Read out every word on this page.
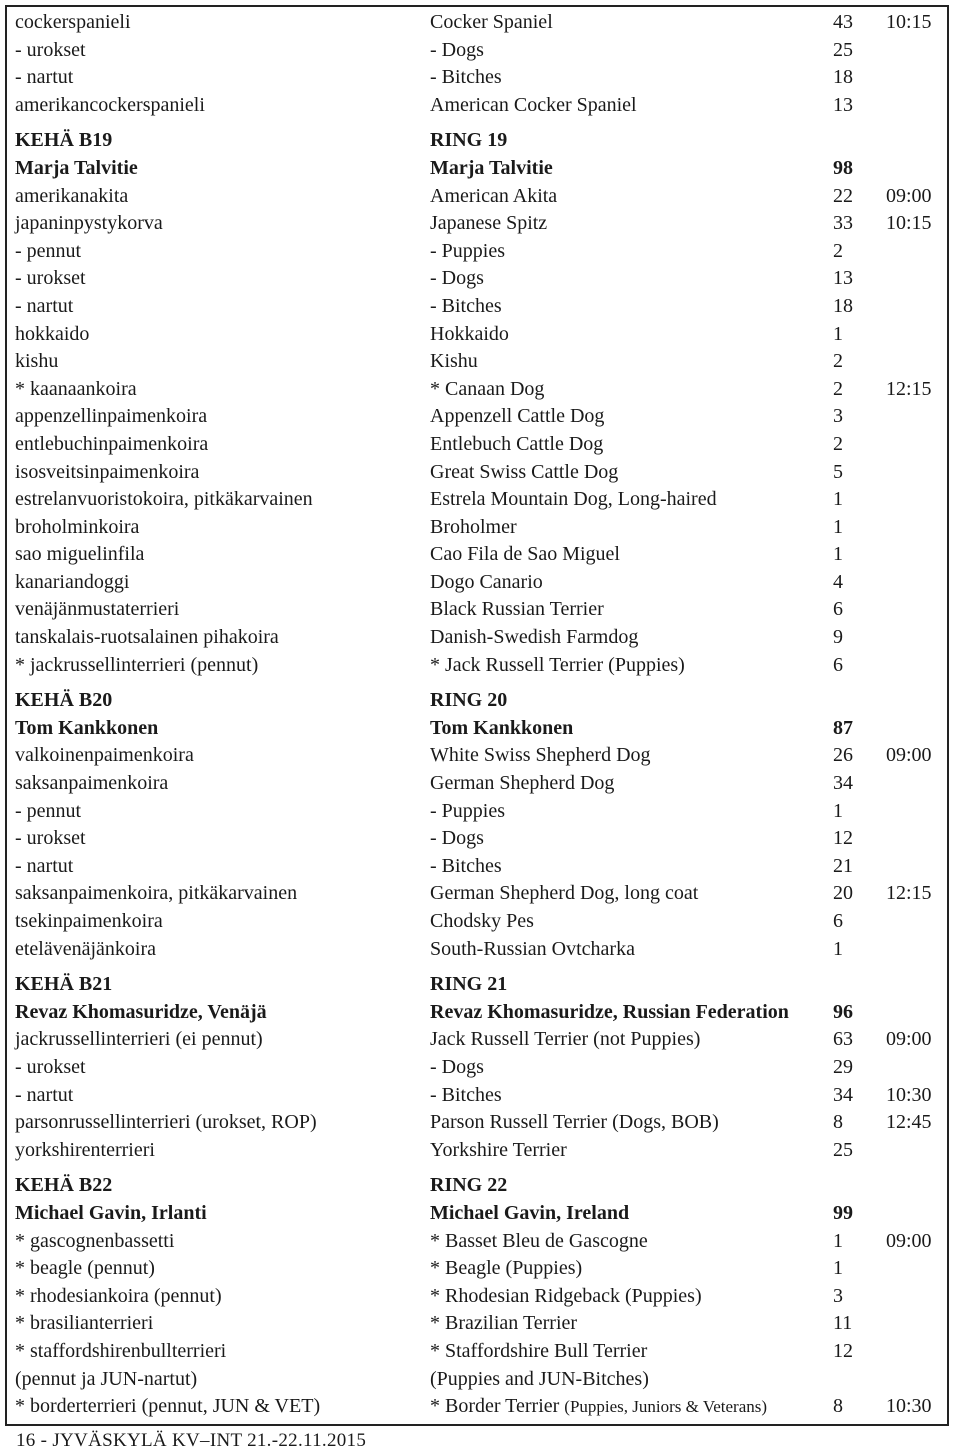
cockerspanieli	Cocker Spaniel	43 10:15
- urokset	- Dogs	25
- nartut	- Bitches	18
amerikancockerspanieli	American Cocker Spaniel	13
KEHÄ B19	RING 19
Marja Talvitie	Marja Talvitie	98
amerikanakita	American Akita	22 09:00
japaninpystykorva	Japanese Spitz	33 10:15
- pennut	- Puppies	2
- urokset	- Dogs	13
- nartut	- Bitches	18
hokkaido	Hokkaido	1
kishu	Kishu	2
* kaanaankoira	* Canaan Dog	2 12:15
appenzellinpaimenkoira	Appenzell Cattle Dog	3
entlebuchinpaimenkoira	Entlebuch Cattle Dog	2
isosveitsinpaimenkoira	Great Swiss Cattle Dog	5
estrelanvuoristokoira, pitkäkarvainen	Estrela Mountain Dog, Long-haired	1
broholminkoira	Broholmer	1
sao miguelinfila	Cao Fila de Sao Miguel	1
kanariandoggi	Dogo Canario	4
venäjänmustaterrieri	Black Russian Terrier	6
tanskalais-ruotsalainen pihakoira	Danish-Swedish Farmdog	9
* jackrussellinterrieri (pennut)	* Jack Russell Terrier (Puppies)	6
KEHÄ B20	RING 20
Tom Kankkonen	Tom Kankkonen	87
valkoinenpaimenkoira	White Swiss Shepherd Dog	26 09:00
saksanpaimenkoira	German Shepherd Dog	34
- pennut	- Puppies	1
- urokset	- Dogs	12
- nartut	- Bitches	21
saksanpaimenkoira, pitkäkarvainen	German Shepherd Dog, long coat	20 12:15
tsekinpaimenkoira	Chodsky Pes	6
etelävenäjänkoira	South-Russian Ovtcharka	1
KEHÄ B21	RING 21
Revaz Khomasuridze, Venäjä	Revaz Khomasuridze, Russian Federation 96
jackrussellinterrieri (ei pennut)	Jack Russell Terrier (not Puppies)	63 09:00
- urokset	- Dogs	29
- nartut	- Bitches	34 10:30
parsonrussellinterrieri (urokset, ROP)	Parson Russell Terrier (Dogs, BOB)	8 12:45
yorkshirenterrieri	Yorkshire Terrier	25
KEHÄ B22	RING 22
Michael Gavin, Irlanti	Michael Gavin, Ireland	99
* gascognenbassetti	* Basset Bleu de Gascogne	1 09:00
* beagle (pennut)	* Beagle (Puppies)	1
* rhodesiankoira (pennut)	* Rhodesian Ridgeback (Puppies)	3
* brasilianterrieri	* Brazilian Terrier	11
* staffordshirenbullterrieri	* Staffordshire Bull Terrier	12
(pennut ja JUN-nartut)	(Puppies and JUN-Bitches)
* borderterrieri (pennut, JUN & VET)	* Border Terrier (Puppies, Juniors & Veterans)	8 10:30
16 - JYVÄSKYLÄ KV–INT 21.-22.11.2015
